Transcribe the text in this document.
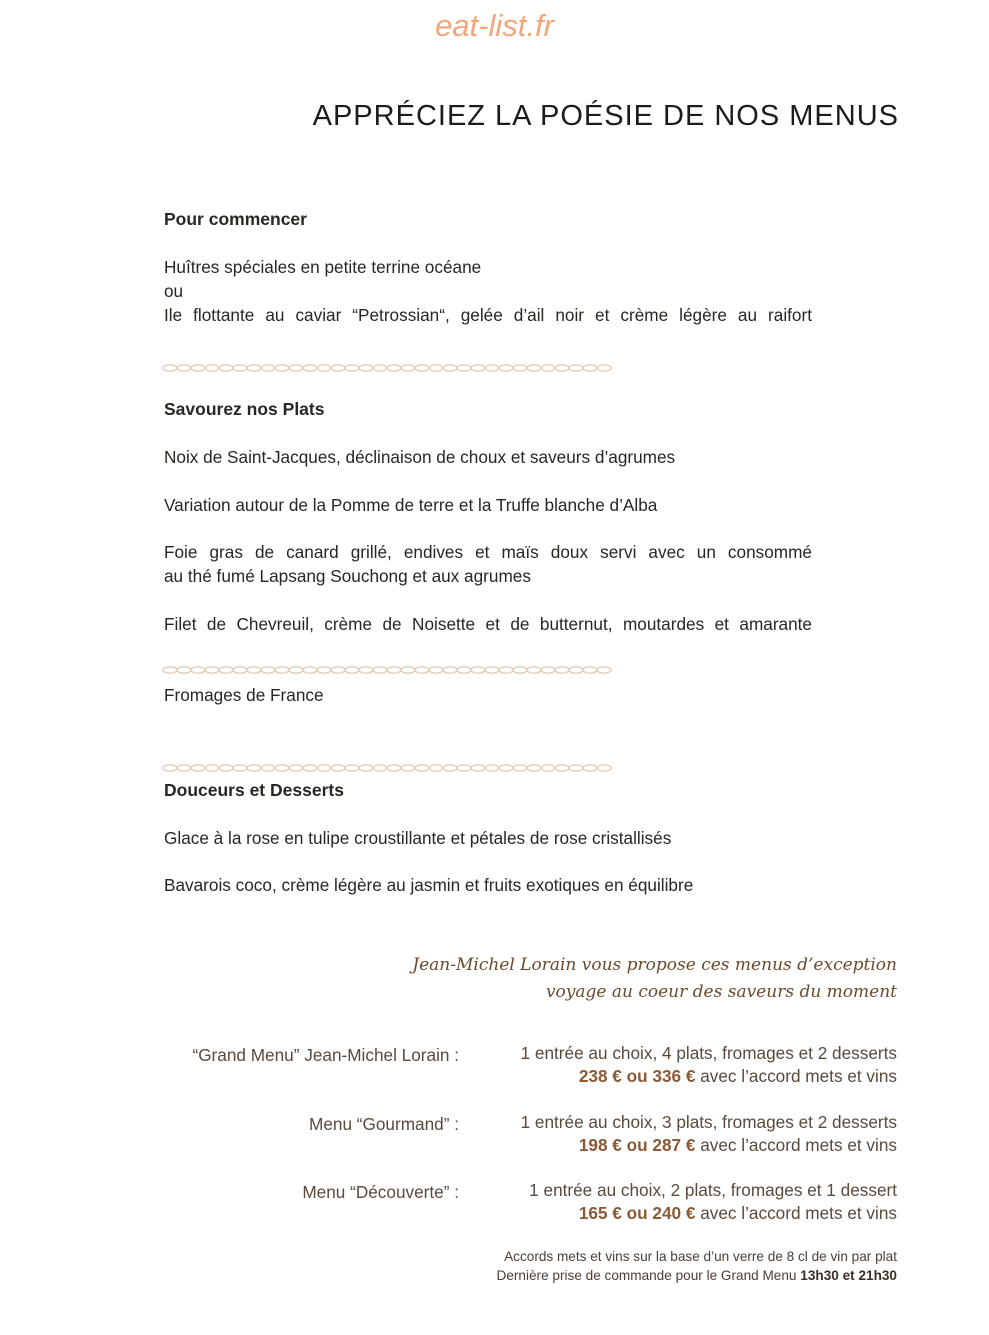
eat-list.fr
APPRÉCIEZ LA POÉSIE DE NOS MENUS
Pour commencer
Huîtres spéciales en petite terrine océane
ou
Ile flottante au caviar “Petrossian“, gelée d’ail noir et crème légère au raifort
Savourez nos Plats
Noix de Saint-Jacques, déclinaison de choux et saveurs d’agrumes
Variation autour de la Pomme de terre et la Truffe blanche d’Alba
Foie gras de canard grillé, endives et maïs doux servi avec un consommé
au thé fumé Lapsang Souchong et aux agrumes
Filet de Chevreuil, crème de Noisette et de butternut, moutardes et amarante
Fromages de France
Douceurs et Desserts
Glace à la rose en tulipe croustillante et pétales de rose cristallisés
Bavarois coco, crème légère au jasmin et fruits exotiques en équilibre
Jean-Michel Lorain vous propose ces menus d’exception
voyage au coeur des saveurs du moment
“Grand Menu” Jean-Michel Lorain :	1 entrée au choix, 4 plats, fromages et 2 desserts
238 € ou 336 € avec l’accord mets et vins
Menu “Gourmand” :	1 entrée au choix, 3 plats, fromages et 2 desserts
198 € ou 287 € avec l’accord mets et vins
Menu “Découverte” :	1 entrée au choix, 2 plats, fromages et 1 dessert
165 € ou 240 € avec l’accord mets et vins
Accords mets et vins sur la base d’un verre de 8 cl de vin par plat
Dernière prise de commande pour le Grand Menu 13h30 et 21h30
